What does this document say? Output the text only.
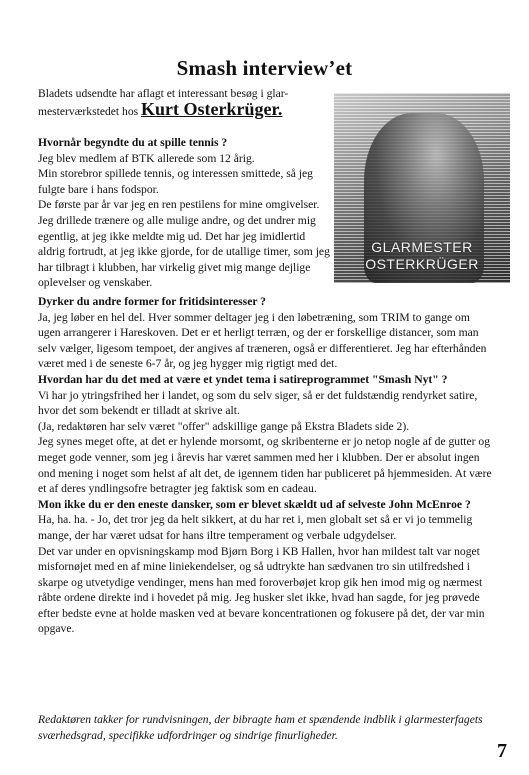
Smash interview’et
Bladets udsendte har aflagt et interessant besøg i glar-mesterværkstedet hos Kurt Osterkrüger.
GLARMESTER
OSTERKRÜGER

Hvornår begyndte du at spille tennis ?

Jeg blev medlem af BTK allerede som 12 årig.

Min storebror spillede tennis, og interessen smittede, så jeg fulgte bare i hans fodspor.

De første par år var jeg en ren pestilens for mine omgivelser. Jeg drillede trænere og alle mulige andre, og det undrer mig egentlig, at jeg ikke meldte mig ud. Det har jeg imidlertid aldrig fortrudt, at jeg ikke gjorde, for de utallige timer, som jeg har tilbragt i klubben, har virkelig givet mig mange dejlige oplevelser og venskaber.

Dyrker du andre former for fritidsinteresser ?

Ja, jeg løber en hel del. Hver sommer deltager jeg i den løbetræning, som TRIM to gange om ugen arrangerer i Hareskoven. Det er et herligt terræn, og der er forskellige distancer, som man selv vælger, ligesom tempoet, der angives af træneren, også er differentieret. Jeg har efterhånden været med i de seneste 6-7 år, og jeg hygger mig rigtigt med det.

Hvordan har du det med at være et yndet tema i satireprogrammet "Smash Nyt" ?

Vi har jo ytringsfrihed her i landet, og som du selv siger, så er det fuldstændig rendyrket satire, hvor det som bekendt er tilladt at skrive alt.

(Ja, redaktøren har selv været "offer" adskillige gange på Ekstra Bladets side 2).

Jeg synes meget ofte, at det er hylende morsomt, og skribenterne er jo netop nogle af de gutter og meget gode venner, som jeg i årevis har været sammen med her i klubben. Der er absolut ingen ond mening i noget som helst af alt det, de igennem tiden har publiceret på hjemmesiden. At være et af deres yndlingsofre betragter jeg faktisk som en cadeau.

Mon ikke du er den eneste dansker, som er blevet skældt ud af selveste John McEnroe ?

Ha, ha. ha. - Jo, det tror jeg da helt sikkert, at du har ret i, men globalt set så er vi jo temmelig mange, der har været udsat for hans iltre temperament og verbale udgydelser.

Det var under en opvisningskamp mod Bjørn Borg i KB Hallen, hvor han mildest talt var noget misfornøjet med en af mine liniekendelser, og så udtrykte han sædvanen tro sin utilfredshed i skarpe og utvetydige vendinger, mens han med foroverbøjet krop gik hen imod mig og nærmest råbte ordene direkte ind i hovedet på mig. Jeg husker slet ikke, hvad han sagde, for jeg prøvede efter bedste evne at holde masken ved at bevare koncentrationen og fokusere på det, der var min opgave.

Redaktøren takker for rundvisningen, der bibragte ham et spændende indblik i glarmesterfagets sværhedsgrad, specifikke udfordringer og sindrige finurligheder.
7
